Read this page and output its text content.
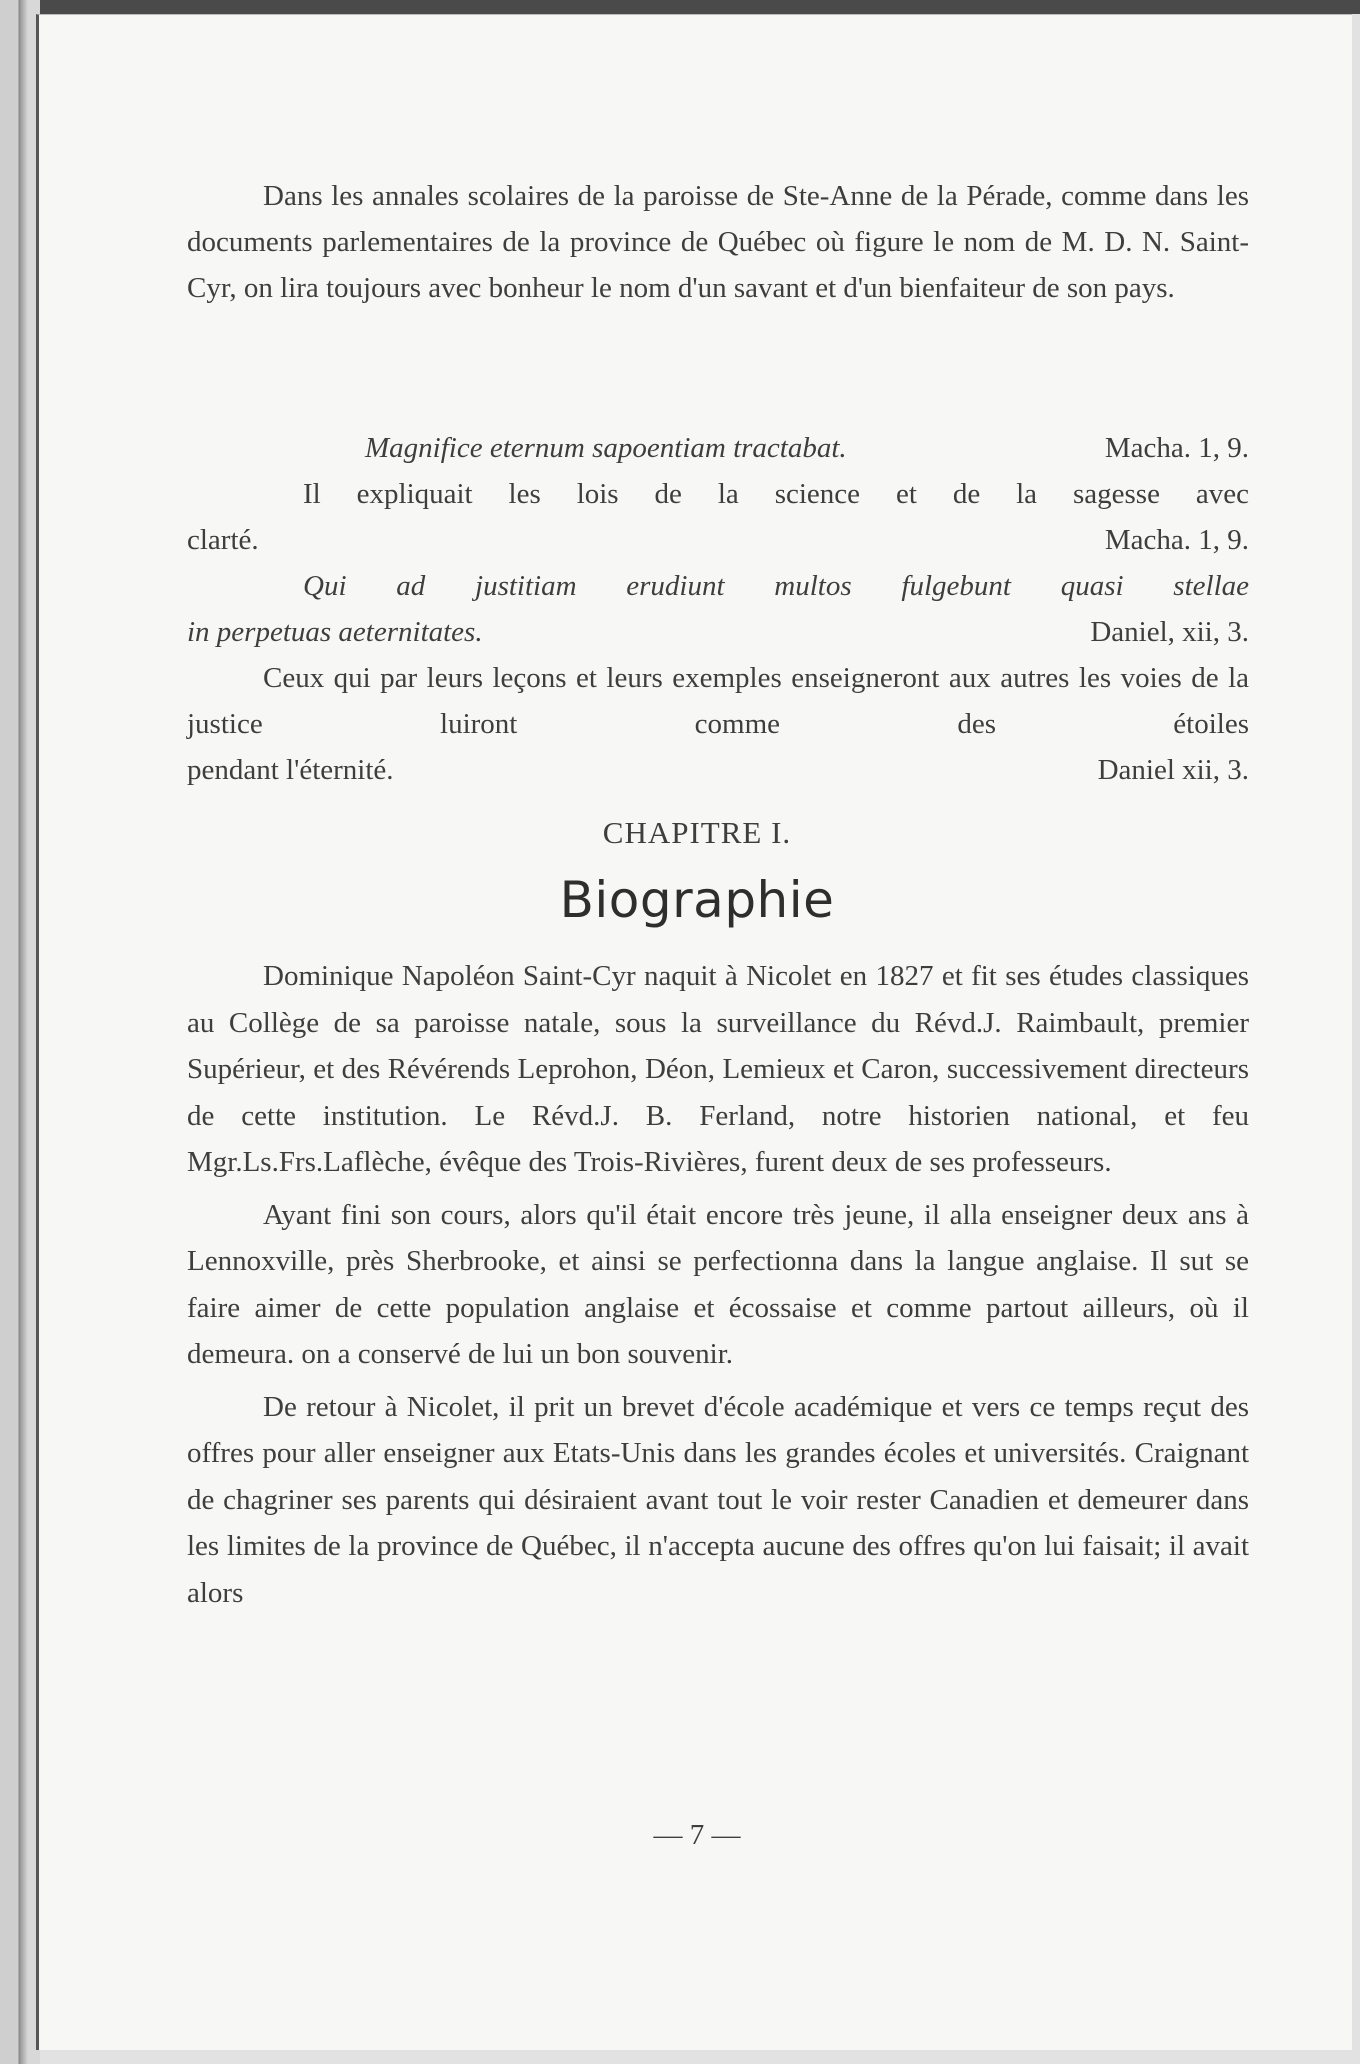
Dans les annales scolaires de la paroisse de Ste-Anne de la Pérade, comme dans les documents parlementaires de la province de Québec où figure le nom de M. D. N. Saint-Cyr, on lira toujours avec bonheur le nom d'un savant et d'un bienfaiteur de son pays.

Magnifice eternum sapoentiam tractabat.	Macha. 1, 9.
Il expliquait les lois de la science et de la sagesse avec
clarté.	Macha. 1, 9.
Qui ad justitiam erudiunt multos fulgebunt quasi stellae
in perpetuas aeternitates.	Daniel, xii, 3.
Ceux qui par leurs leçons et leurs exemples enseigneront aux autres les voies de la justice luiront comme des étoiles
pendant l'éternité.	Daniel xii, 3.
CHAPITRE I.
Biographie

Dominique Napoléon Saint-Cyr naquit à Nicolet en 1827 et fit ses études classiques au Collège de sa paroisse natale, sous la surveillance du Révd.J. Raimbault, premier Supérieur, et des Révérends Leprohon, Déon, Lemieux et Caron, successivement directeurs de cette institution. Le Révd.J. B. Ferland, notre historien national, et feu Mgr.Ls.Frs.Laflèche, évêque des Trois-Rivières, furent deux de ses professeurs.

Ayant fini son cours, alors qu'il était encore très jeune, il alla enseigner deux ans à Lennoxville, près Sherbrooke, et ainsi se perfectionna dans la langue anglaise. Il sut se faire aimer de cette population anglaise et écossaise et comme partout ailleurs, où il demeura. on a conservé de lui un bon souvenir.

De retour à Nicolet, il prit un brevet d'école académique et vers ce temps reçut des offres pour aller enseigner aux Etats-Unis dans les grandes écoles et universités. Craignant de chagriner ses parents qui désiraient avant tout le voir rester Canadien et demeurer dans les limites de la province de Québec, il n'accepta aucune des offres qu'on lui faisait; il avait alors

— 7 —
